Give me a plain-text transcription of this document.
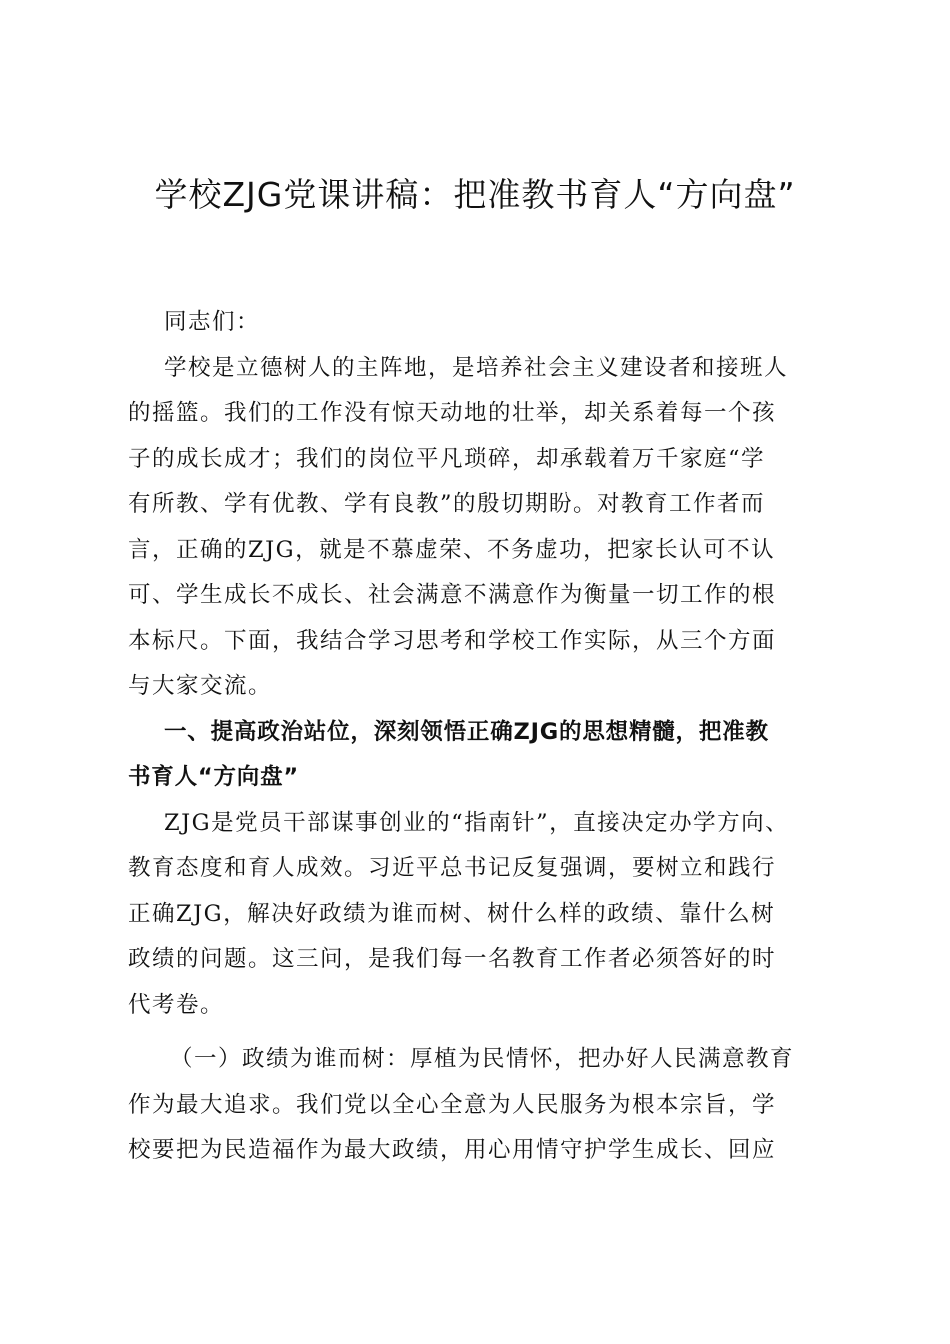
学校ZJG党课讲稿：把准教书育人“方向盘”
同志们：
学校是立德树人的主阵地，是培养社会主义建设者和接班人
的摇篮。我们的工作没有惊天动地的壮举，却关系着每一个孩
子的成长成才；我们的岗位平凡琐碎，却承载着万千家庭“学
有所教、学有优教、学有良教”的殷切期盼。对教育工作者而
言，正确的ZJG，就是不慕虚荣、不务虚功，把家长认可不认
可、学生成长不成长、社会满意不满意作为衡量一切工作的根
本标尺。下面，我结合学习思考和学校工作实际，从三个方面
与大家交流。
一、提高政治站位，深刻领悟正确ZJG的思想精髓，把准教
书育人“方向盘”
ZJG是党员干部谋事创业的“指南针”，直接决定办学方向、
教育态度和育人成效。习近平总书记反复强调，要树立和践行
正确ZJG，解决好政绩为谁而树、树什么样的政绩、靠什么树
政绩的问题。这三问，是我们每一名教育工作者必须答好的时
代考卷。
（一）政绩为谁而树：厚植为民情怀，把办好人民满意教育
作为最大追求。我们党以全心全意为人民服务为根本宗旨，学
校要把为民造福作为最大政绩，用心用情守护学生成长、回应
